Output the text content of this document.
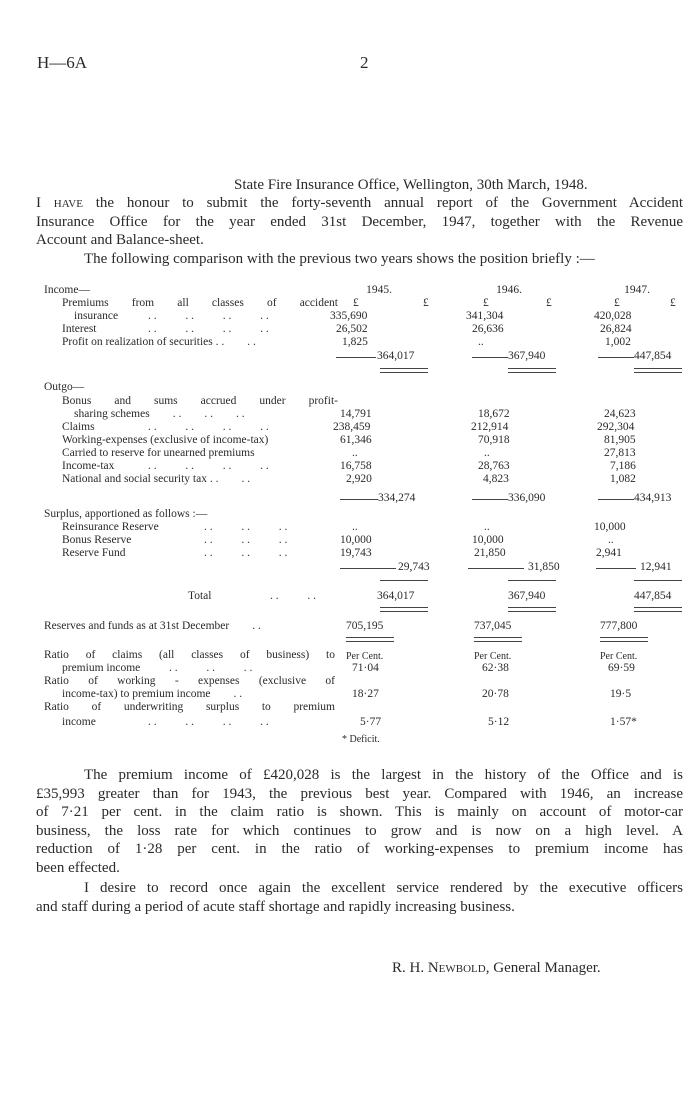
H—6A	2
State Fire Insurance Office, Wellington, 30th March, 1948.
I have the honour to submit the forty-seventh annual report of the Government Accident
Insurance Office for the year ended 31st December, 1947, together with the Revenue
Account and Balance-sheet.
The following comparison with the previous two years shows the position briefly :—
1945.	1946.	1947.
£	£	£	£	£	£
Income—
Premiums from all classes of accident
insurance	. .          . .          . .          . .	335,690	341,304	420,028
Interest	. .          . .          . .          . .	26,502	26,636	26,824
Profit on realization of securities . .        . .	1,825	..	1,002
364,017	367,940	447,854
Outgo—
Bonus and sums accrued under profit-
sharing schemes        . .        . .        . .	14,791	18,672	24,623
Claims	. .          . .          . .          . .	238,459	212,914	292,304
Working-expenses (exclusive of income-tax)	61,346	70,918	81,905
Carried to reserve for unearned premiums	..	..	27,813
Income-tax	. .          . .          . .          . .	16,758	28,763	7,186
National and social security tax . .        . .	2,920	4,823	1,082
334,274	336,090	434,913
Surplus, apportioned as follows :—
Reinsurance Reserve	. .          . .          . .	..	..	10,000
Bonus Reserve	. .          . .          . .	10,000	10,000	..
Reserve Fund	. .          . .          . .	19,743	21,850	2,941
29,743	31,850	12,941
Total	. .          . .	364,017	367,940	447,854
Reserves and funds as at 31st December        . .	705,195	737,045	777,800
Ratio of claims (all classes of business) to Per Cent.	Per Cent.	Per Cent.
premium income          . .          . .          . .	71·04	62·38	69·59
Ratio of working - expenses (exclusive of
income-tax) to premium income        . .	18·27	20·78	19·5
Ratio of underwriting surplus to premium
income	. .          . .          . .          . .	5·77	5·12	1·57*
* Deficit.
The premium income of £420,028 is the largest in the history of the Office and is
£35,993 greater than for 1943, the previous best year. Compared with 1946, an increase
of 7·21 per cent. in the claim ratio is shown. This is mainly on account of motor-car
business, the loss rate for which continues to grow and is now on a high level. A
reduction of 1·28 per cent. in the ratio of working-expenses to premium income has
been effected.
I desire to record once again the excellent service rendered by the executive officers
and staff during a period of acute staff shortage and rapidly increasing business.
R. H. Newbold, General Manager.
